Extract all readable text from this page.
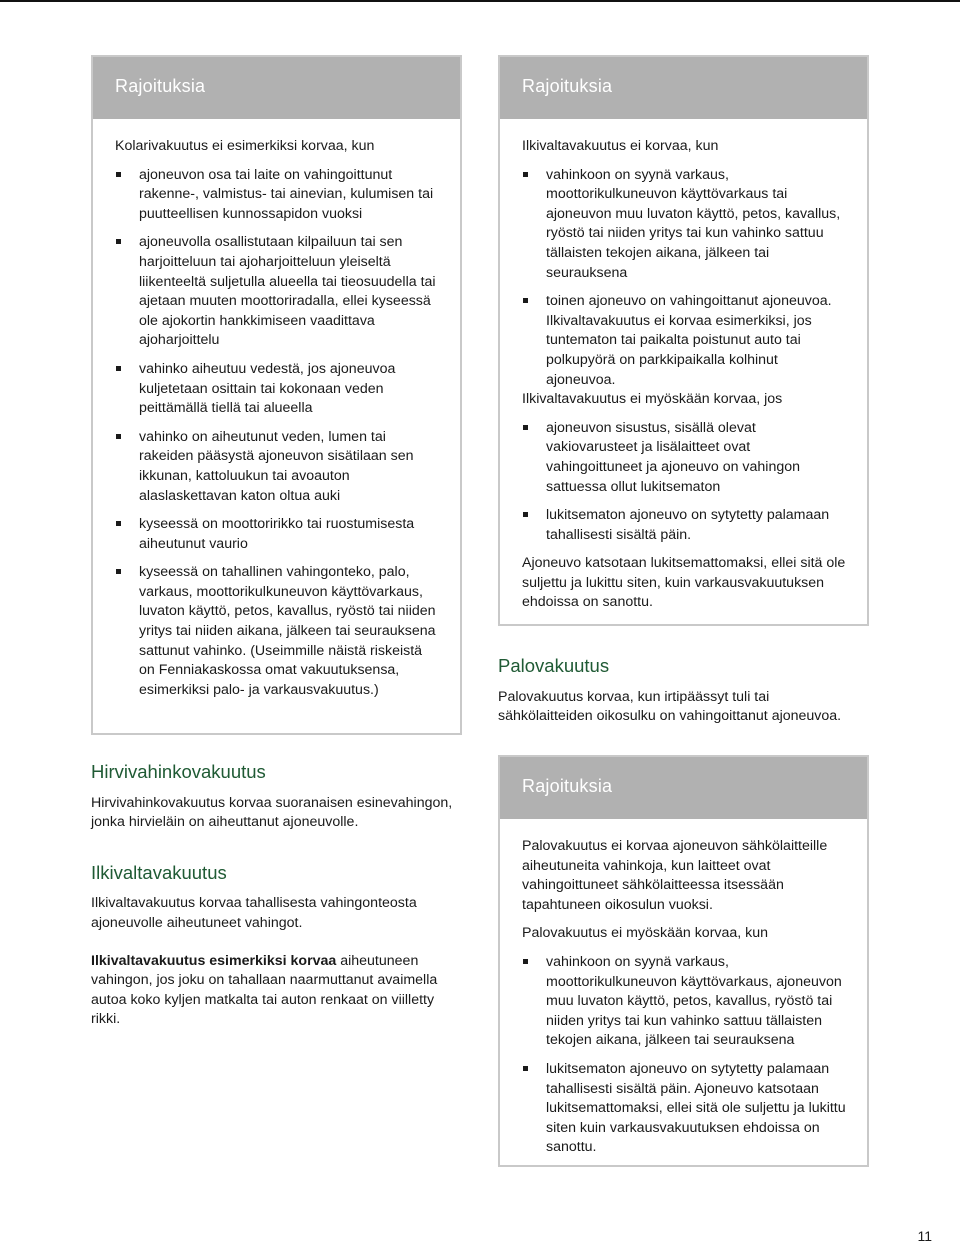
Rajoituksia

Kolarivakuutus ei esimerkiksi korvaa, kun

ajoneuvon osa tai laite on vahingoittunut rakenne-, valmistus- tai ainevian, kulumisen tai puutteellisen kunnossapidon vuoksi
ajoneuvolla osallistutaan kilpailuun tai sen harjoitteluun tai ajoharjoitteluun yleiseltä liikenteeltä suljetulla alueella tai tieosuudella tai ajetaan muuten moottoriradalla, ellei kyseessä ole ajokortin hankkimiseen vaadittava ajoharjoittelu
vahinko aiheutuu vedestä, jos ajoneuvoa kuljetetaan osittain tai kokonaan veden peittämällä tiellä tai alueella
vahinko on aiheutunut veden, lumen tai rakeiden pääsystä ajoneuvon sisätilaan sen ikkunan, kattoluukun tai avoauton alaslaskettavan katon oltua auki
kyseessä on moottoririkko tai ruostumisesta aiheutunut vaurio
kyseessä on tahallinen vahingonteko, palo, varkaus, moottorikulkuneuvon käyttövarkaus, luvaton käyttö, petos, kavallus, ryöstö tai niiden yritys tai niiden aikana, jälkeen tai seurauksena sattunut vahinko. (Useimmille näistä riskeistä on Fenniakaskossa omat vakuutuksensa, esimerkiksi palo- ja varkausvakuutus.)
Hirvivahinkovakuutus

Hirvivahinkovakuutus korvaa suoranaisen esinevahingon, jonka hirvieläin on aiheuttanut ajoneuvolle.

Ilkivaltavakuutus

Ilkivaltavakuutus korvaa tahallisesta vahingonteosta ajoneuvolle aiheutuneet vahingot.

Ilkivaltavakuutus esimerkiksi korvaa aiheutuneen vahingon, jos joku on tahallaan naarmuttanut avaimella autoa koko kyljen matkalta tai auton renkaat on viilletty rikki.

Rajoituksia

Ilkivaltavakuutus ei korvaa, kun

vahinkoon on syynä varkaus, moottorikulkuneuvon käyttövarkaus tai ajoneuvon muu luvaton käyttö, petos, kavallus, ryöstö tai niiden yritys tai kun vahinko sattuu tällaisten tekojen aikana, jälkeen tai seurauksena
toinen ajoneuvo on vahingoittanut ajoneuvoa. Ilkivaltavakuutus ei korvaa esimerkiksi, jos tuntematon tai paikalta poistunut auto tai polkupyörä on parkkipaikalla kolhinut ajoneuvoa.

Ilkivaltavakuutus ei myöskään korvaa, jos

ajoneuvon sisustus, sisällä olevat vakiovarusteet ja lisälaitteet ovat vahingoittuneet ja ajoneuvo on vahingon sattuessa ollut lukitsematon
lukitsematon ajoneuvo on sytytetty palamaan tahallisesti sisältä päin.

Ajoneuvo katsotaan lukitsemattomaksi, ellei sitä ole suljettu ja lukittu siten, kuin varkausvakuutuksen ehdoissa on sanottu.

Palovakuutus

Palovakuutus korvaa, kun irtipäässyt tuli tai sähkölaitteiden oikosulku on vahingoittanut ajoneuvoa.

Rajoituksia

Palovakuutus ei korvaa ajoneuvon sähkölaitteille aiheutuneita vahinkoja, kun laitteet ovat vahingoittuneet sähkölaitteessa itsessään tapahtuneen oikosulun vuoksi.

Palovakuutus ei myöskään korvaa, kun

vahinkoon on syynä varkaus, moottorikulkuneuvon käyttövarkaus, ajoneuvon muu luvaton käyttö, petos, kavallus, ryöstö tai niiden yritys tai kun vahinko sattuu tällaisten tekojen aikana, jälkeen tai seurauksena
lukitsematon ajoneuvo on sytytetty palamaan tahallisesti sisältä päin. Ajoneuvo katsotaan lukitsemattomaksi, ellei sitä ole suljettu ja lukittu siten kuin varkausvakuutuksen ehdoissa on sanottu.
11
